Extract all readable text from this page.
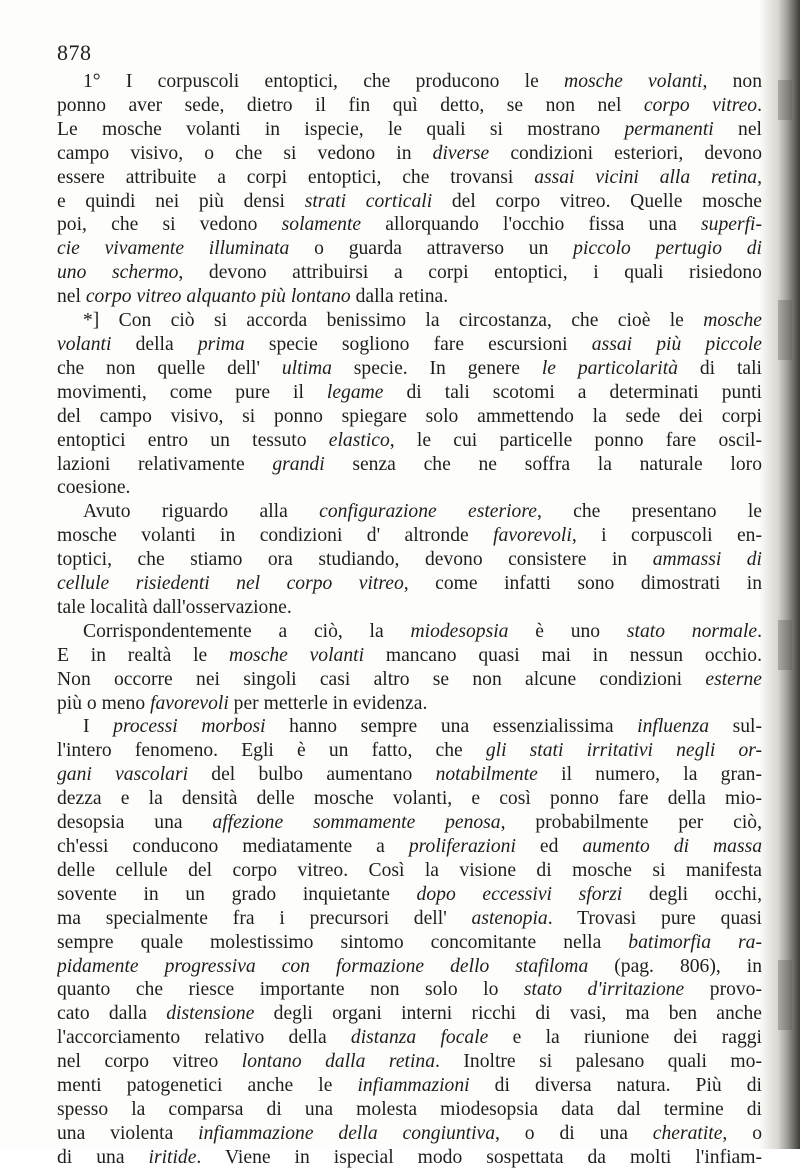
878
1° I corpuscoli entoptici, che producono le mosche volanti, non
ponno aver sede, dietro il fin quì detto, se non nel corpo vitreo.
Le mosche volanti in ispecie, le quali si mostrano permanenti nel
campo visivo, o che si vedono in diverse condizioni esteriori, devono
essere attribuite a corpi entoptici, che trovansi assai vicini alla retina,
e quindi nei più densi strati corticali del corpo vitreo. Quelle mosche
poi, che si vedono solamente allorquando l'occhio fissa una superfi-
cie vivamente illuminata o guarda attraverso un piccolo pertugio di
uno schermo, devono attribuirsi a corpi entoptici, i quali risiedono
nel corpo vitreo alquanto più lontano dalla retina.
*] Con ciò si accorda benissimo la circostanza, che cioè le mosche
volanti della prima specie sogliono fare escursioni assai più piccole
che non quelle dell' ultima specie. In genere le particolarità di tali
movimenti, come pure il legame di tali scotomi a determinati punti
del campo visivo, si ponno spiegare solo ammettendo la sede dei corpi
entoptici entro un tessuto elastico, le cui particelle ponno fare oscil-
lazioni relativamente grandi senza che ne soffra la naturale loro
coesione.
Avuto riguardo alla configurazione esteriore, che presentano le
mosche volanti in condizioni d' altronde favorevoli, i corpuscoli en-
toptici, che stiamo ora studiando, devono consistere in ammassi di
cellule risiedenti nel corpo vitreo, come infatti sono dimostrati in
tale località dall'osservazione.
Corrispondentemente a ciò, la miodesopsia è uno stato normale.
E in realtà le mosche volanti mancano quasi mai in nessun occhio.
Non occorre nei singoli casi altro se non alcune condizioni esterne
più o meno favorevoli per metterle in evidenza.
I processi morbosi hanno sempre una essenzialissima influenza sul-
l'intero fenomeno. Egli è un fatto, che gli stati irritativi negli or-
gani vascolari del bulbo aumentano notabilmente il numero, la gran-
dezza e la densità delle mosche volanti, e così ponno fare della mio-
desopsia una affezione sommamente penosa, probabilmente per ciò,
ch'essi conducono mediatamente a proliferazioni ed aumento di massa
delle cellule del corpo vitreo. Così la visione di mosche si manifesta
sovente in un grado inquietante dopo eccessivi sforzi degli occhi,
ma specialmente fra i precursori dell' astenopia. Trovasi pure quasi
sempre quale molestissimo sintomo concomitante nella batimorfia ra-
pidamente progressiva con formazione dello stafiloma (pag. 806), in
quanto che riesce importante non solo lo stato d'irritazione provo-
cato dalla distensione degli organi interni ricchi di vasi, ma ben anche
l'accorciamento relativo della distanza focale e la riunione dei raggi
nel corpo vitreo lontano dalla retina. Inoltre si palesano quali mo-
menti patogenetici anche le infiammazioni di diversa natura. Più di
spesso la comparsa di una molesta miodesopsia data dal termine di
una violenta infiammazione della congiuntiva, o di una cheratite, o
di una iritide. Viene in ispecial modo sospettata da molti l'infiam-
